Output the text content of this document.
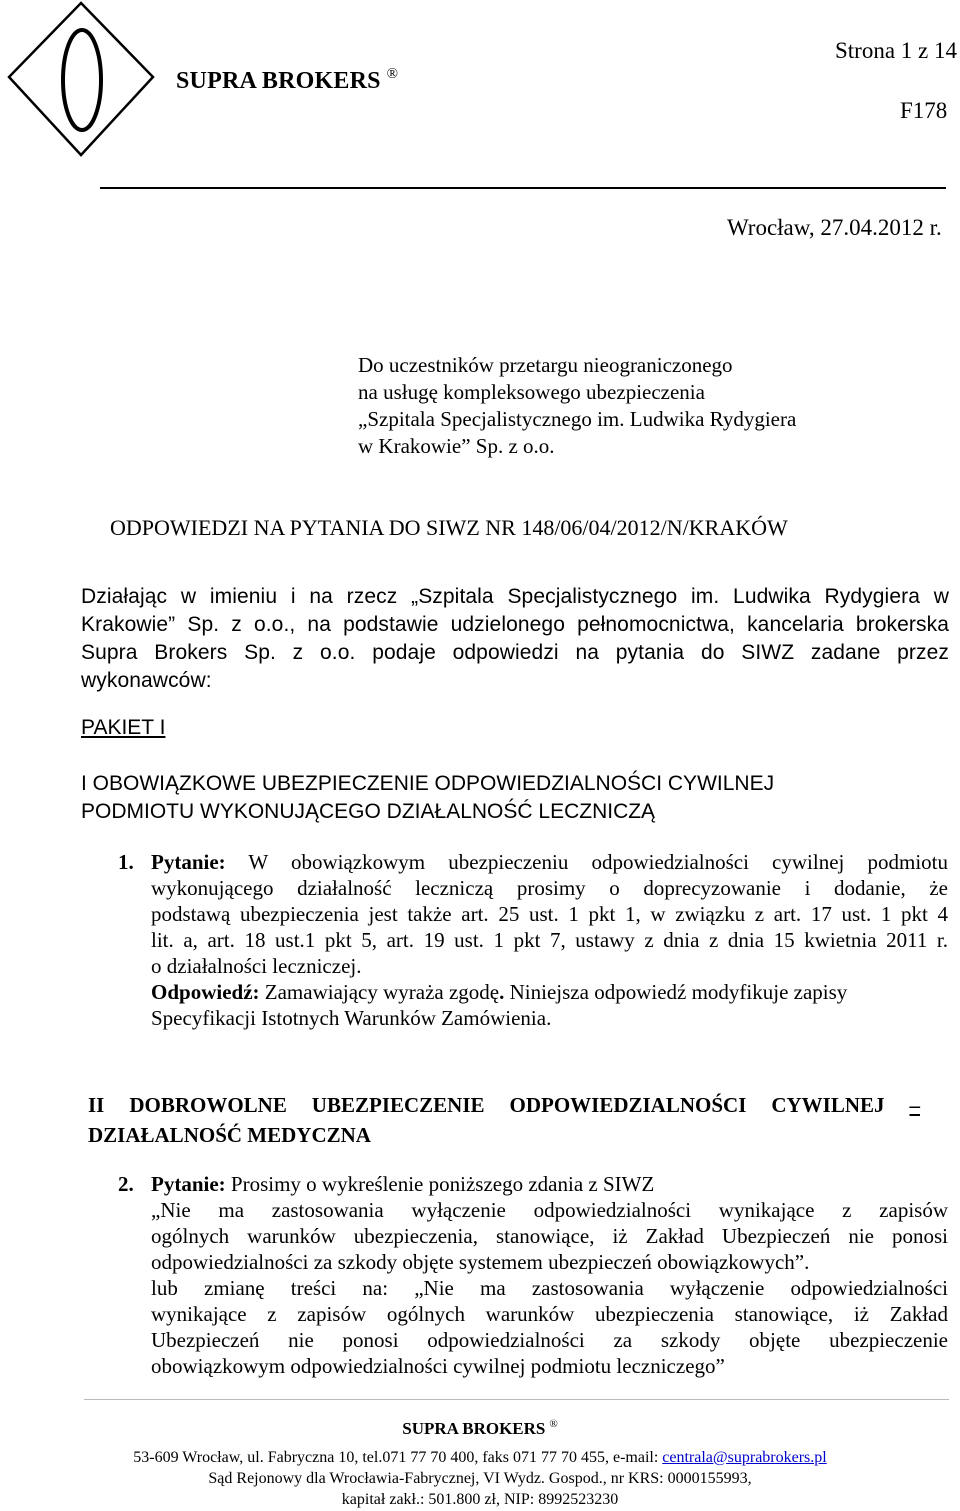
SUPRA BROKERS ®
Strona 1 z 14
F178
Wrocław, 27.04.2012 r.
Do uczestników przetargu nieograniczonego
na usługę kompleksowego ubezpieczenia
„Szpitala Specjalistycznego im. Ludwika Rydygiera
w Krakowie” Sp. z o.o.
ODPOWIEDZI NA PYTANIA DO SIWZ NR 148/06/04/2012/N/KRAKÓW
Działając w imieniu i na rzecz „Szpitala Specjalistycznego im. Ludwika Rydygiera w
Krakowie” Sp. z o.o., na podstawie udzielonego pełnomocnictwa, kancelaria brokerska
Supra Brokers Sp. z o.o. podaje odpowiedzi na pytania do SIWZ zadane przez
wykonawców:
PAKIET I
I OBOWIĄZKOWE UBEZPIECZENIE ODPOWIEDZIALNOŚCI CYWILNEJ
PODMIOTU WYKONUJĄCEGO DZIAŁALNOŚĆ LECZNICZĄ
1. Pytanie: W obowiązkowym ubezpieczeniu odpowiedzialności cywilnej podmiotu
wykonującego działalność leczniczą prosimy o doprecyzowanie i dodanie, że
podstawą ubezpieczenia jest także art. 25 ust. 1 pkt 1, w związku z art. 17 ust. 1 pkt 4
lit. a, art. 18 ust.1 pkt 5, art. 19 ust. 1 pkt 7, ustawy z dnia z dnia 15 kwietnia 2011 r.
o działalności leczniczej.
Odpowiedź: Zamawiający wyraża zgodę. Niniejsza odpowiedź modyfikuje zapisy
Specyfikacji Istotnych Warunków Zamówienia.
II DOBROWOLNE UBEZPIECZENIE ODPOWIEDZIALNOŚCI CYWILNEJ –
DZIAŁALNOŚĆ MEDYCZNA
2. Pytanie: Prosimy o wykreślenie poniższego zdania z SIWZ
„Nie ma zastosowania wyłączenie odpowiedzialności wynikające z zapisów
ogólnych warunków ubezpieczenia, stanowiące, iż Zakład Ubezpieczeń nie ponosi
odpowiedzialności za szkody objęte systemem ubezpieczeń obowiązkowych”.
lub zmianę treści na: „Nie ma zastosowania wyłączenie odpowiedzialności
wynikające z zapisów ogólnych warunków ubezpieczenia stanowiące, iż Zakład
Ubezpieczeń nie ponosi odpowiedzialności za szkody objęte ubezpieczenie
obowiązkowym odpowiedzialności cywilnej podmiotu leczniczego”
SUPRA BROKERS ®
53-609 Wrocław, ul. Fabryczna 10, tel.071 77 70 400, faks 071 77 70 455, e-mail: centrala@suprabrokers.pl
Sąd Rejonowy dla Wrocławia-Fabrycznej, VI Wydz. Gospod., nr KRS: 0000155993,
kapitał zakł.: 501.800 zł, NIP: 8992523230
